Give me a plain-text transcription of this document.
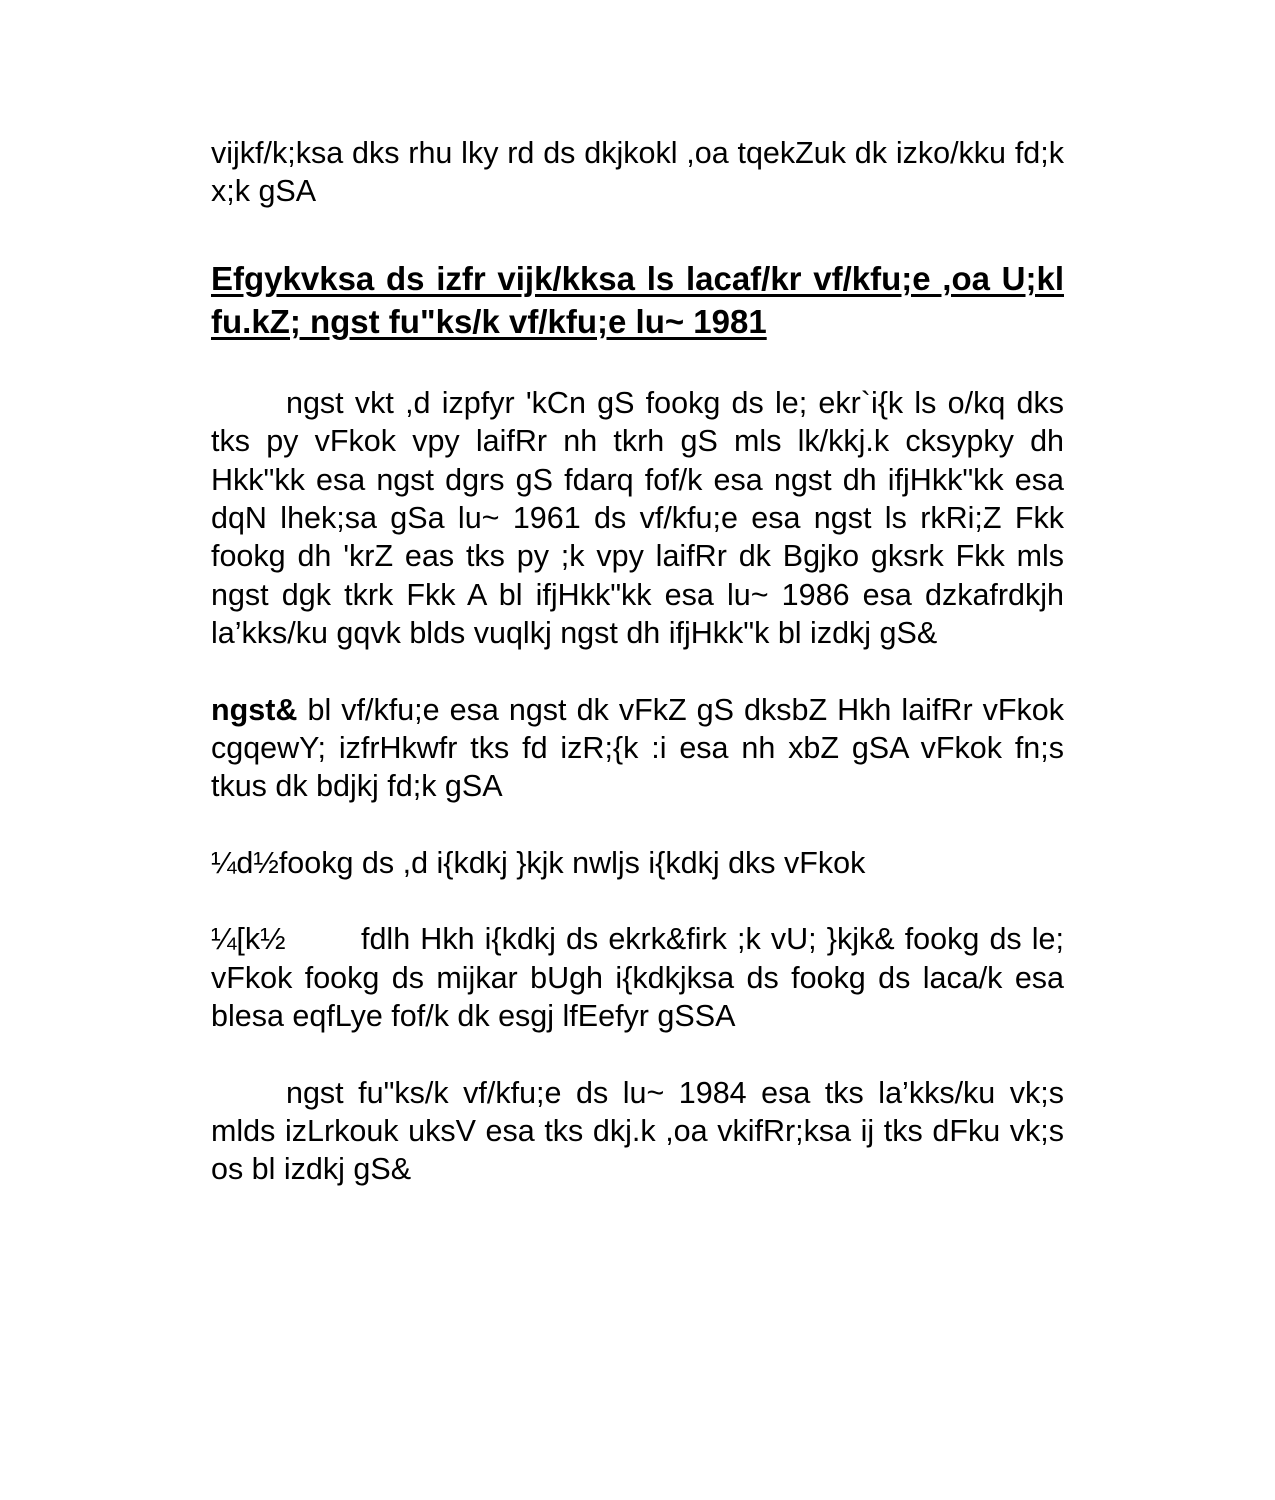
vijkf/k;ksa dks rhu lky rd ds dkjkokl ,oa tqekZuk dk izko/kku fd;k x;k gSA

Efgykvksa ds izfr vijk/kksa ls lacaf/kr vf/kfu;e ,oa U;kl fu.kZ; ngst fu"ks/k vf/kfu;e lu~ 1981

ngst vkt ,d izpfyr 'kCn gS fookg ds le; ekr`i{k ls o/kq dks tks py vFkok vpy laifRr nh tkrh gS mls lk/kkj.k cksypky dh Hkk"kk esa ngst dgrs gS fdarq fof/k esa ngst dh ifjHkk"kk esa dqN lhek;sa gSa lu~ 1961 ds vf/kfu;e esa ngst ls rkRi;Z Fkk fookg dh 'krZ eas tks py ;k vpy laifRr dk Bgjko gksrk Fkk mls ngst dgk tkrk Fkk A bl ifjHkk"kk esa lu~ 1986 esa dzkafrdkjh la’kks/ku gqvk blds vuqlkj ngst dh ifjHkk"k bl izdkj gS&

ngst& bl vf/kfu;e esa ngst dk vFkZ gS dksbZ Hkh laifRr vFkok cgqewY; izfrHkwfr tks fd izR;{k :i esa nh xbZ gSA vFkok fn;s tkus dk bdjkj fd;k gSA

¼d½fookg ds ,d i{kdkj }kjk nwljs i{kdkj dks vFkok

¼[k½ fdlh Hkh i{kdkj ds ekrk&firk ;k vU; }kjk& fookg ds le; vFkok fookg ds mijkar bUgh i{kdkjksa ds fookg ds laca/k esa blesa eqfLye fof/k dk esgj lfEefyr gSSA

ngst fu"ks/k vf/kfu;e ds lu~ 1984 esa tks la’kks/ku vk;s mlds izLrkouk uksV esa tks dkj.k ,oa vkifRr;ksa ij tks dFku vk;s os bl izdkj gS&
